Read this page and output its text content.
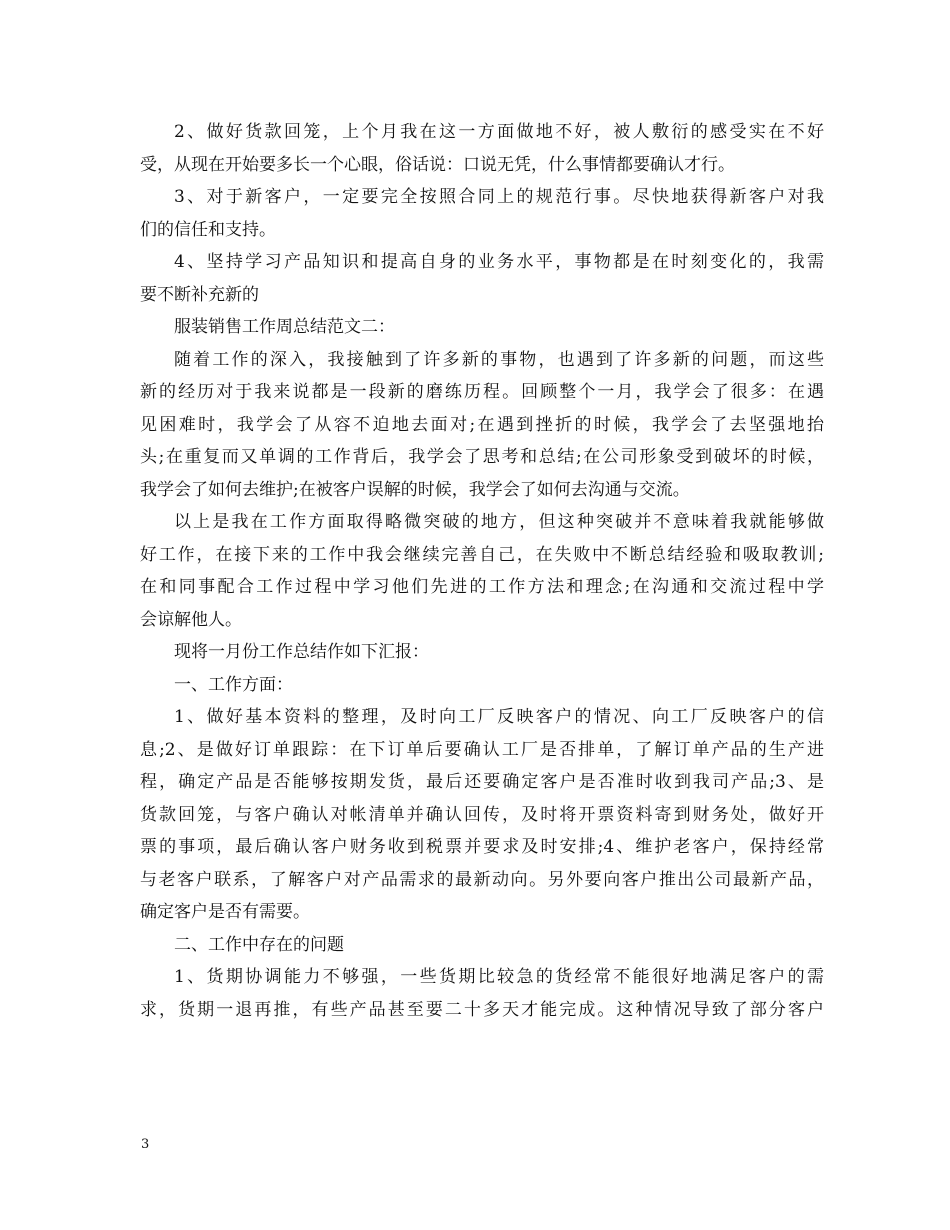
2、做好货款回笼，上个月我在这一方面做地不好，被人敷衍的感受实在不好
受，从现在开始要多长一个心眼，俗话说：口说无凭，什么事情都要确认才行。
3、对于新客户，一定要完全按照合同上的规范行事。尽快地获得新客户对我
们的信任和支持。
4、坚持学习产品知识和提高自身的业务水平，事物都是在时刻变化的，我需
要不断补充新的
服装销售工作周总结范文二：
随着工作的深入，我接触到了许多新的事物，也遇到了许多新的问题，而这些
新的经历对于我来说都是一段新的磨练历程。回顾整个一月，我学会了很多：在遇
见困难时，我学会了从容不迫地去面对;在遇到挫折的时候，我学会了去坚强地抬
头;在重复而又单调的工作背后，我学会了思考和总结;在公司形象受到破坏的时候，
我学会了如何去维护;在被客户误解的时候，我学会了如何去沟通与交流。
以上是我在工作方面取得略微突破的地方，但这种突破并不意味着我就能够做
好工作，在接下来的工作中我会继续完善自己，在失败中不断总结经验和吸取教训;
在和同事配合工作过程中学习他们先进的工作方法和理念;在沟通和交流过程中学
会谅解他人。
现将一月份工作总结作如下汇报：
一、工作方面：
1、做好基本资料的整理，及时向工厂反映客户的情况、向工厂反映客户的信
息;2、是做好订单跟踪：在下订单后要确认工厂是否排单，了解订单产品的生产进
程，确定产品是否能够按期发货，最后还要确定客户是否准时收到我司产品;3、是
货款回笼，与客户确认对帐清单并确认回传，及时将开票资料寄到财务处，做好开
票的事项，最后确认客户财务收到税票并要求及时安排;4、维护老客户，保持经常
与老客户联系，了解客户对产品需求的最新动向。另外要向客户推出公司最新产品，
确定客户是否有需要。
二、工作中存在的问题
1、货期协调能力不够强，一些货期比较急的货经常不能很好地满足客户的需
求，货期一退再推，有些产品甚至要二十多天才能完成。这种情况导致了部分客户
3
